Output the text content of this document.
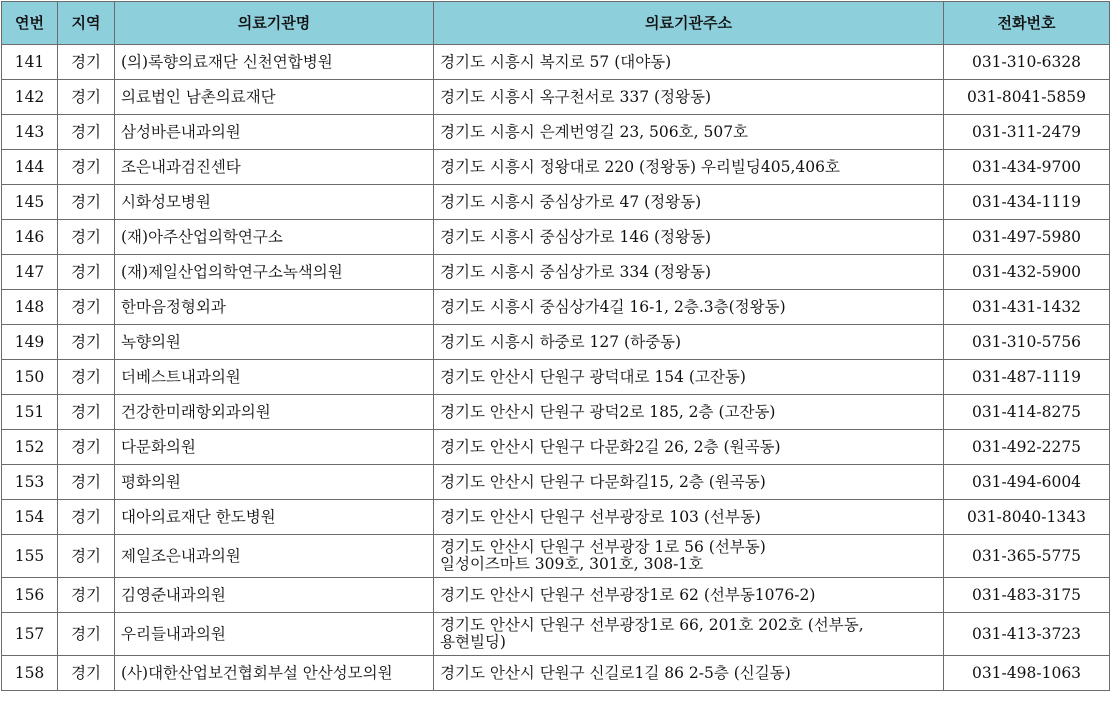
연번	지역	의료기관명	의료기관주소	전화번호
141	경기	(의)록향의료재단 신천연합병원	경기도 시흥시 복지로 57 (대야동)	031-310-6328
142	경기	의료법인 남촌의료재단	경기도 시흥시 옥구천서로 337 (정왕동)	031-8041-5859
143	경기	삼성바른내과의원	경기도 시흥시 은계번영길 23, 506호, 507호	031-311-2479
144	경기	조은내과검진센타	경기도 시흥시 정왕대로 220 (정왕동) 우리빌딩405,406호	031-434-9700
145	경기	시화성모병원	경기도 시흥시 중심상가로 47 (정왕동)	031-434-1119
146	경기	(재)아주산업의학연구소	경기도 시흥시 중심상가로 146 (정왕동)	031-497-5980
147	경기	(재)제일산업의학연구소녹색의원	경기도 시흥시 중심상가로 334 (정왕동)	031-432-5900
148	경기	한마음정형외과	경기도 시흥시 중심상가4길 16-1, 2층.3층(정왕동)	031-431-1432
149	경기	녹향의원	경기도 시흥시 하중로 127 (하중동)	031-310-5756
150	경기	더베스트내과의원	경기도 안산시 단원구 광덕대로 154 (고잔동)	031-487-1119
151	경기	건강한미래항외과의원	경기도 안산시 단원구 광덕2로 185, 2층 (고잔동)	031-414-8275
152	경기	다문화의원	경기도 안산시 단원구 다문화2길 26, 2층 (원곡동)	031-492-2275
153	경기	평화의원	경기도 안산시 단원구 다문화길15, 2층 (원곡동)	031-494-6004
154	경기	대아의료재단 한도병원	경기도 안산시 단원구 선부광장로 103 (선부동)	031-8040-1343
155	경기	제일조은내과의원	경기도 안산시 단원구 선부광장 1로 56 (선부동)
일성이즈마트 309호, 301호, 308-1호	031-365-5775
156	경기	김영준내과의원	경기도 안산시 단원구 선부광장1로 62 (선부동1076-2)	031-483-3175
157	경기	우리들내과의원	경기도 안산시 단원구 선부광장1로 66, 201호 202호 (선부동,
용현빌딩)	031-413-3723
158	경기	(사)대한산업보건협회부설 안산성모의원	경기도 안산시 단원구 신길로1길 86 2-5층 (신길동)	031-498-1063
